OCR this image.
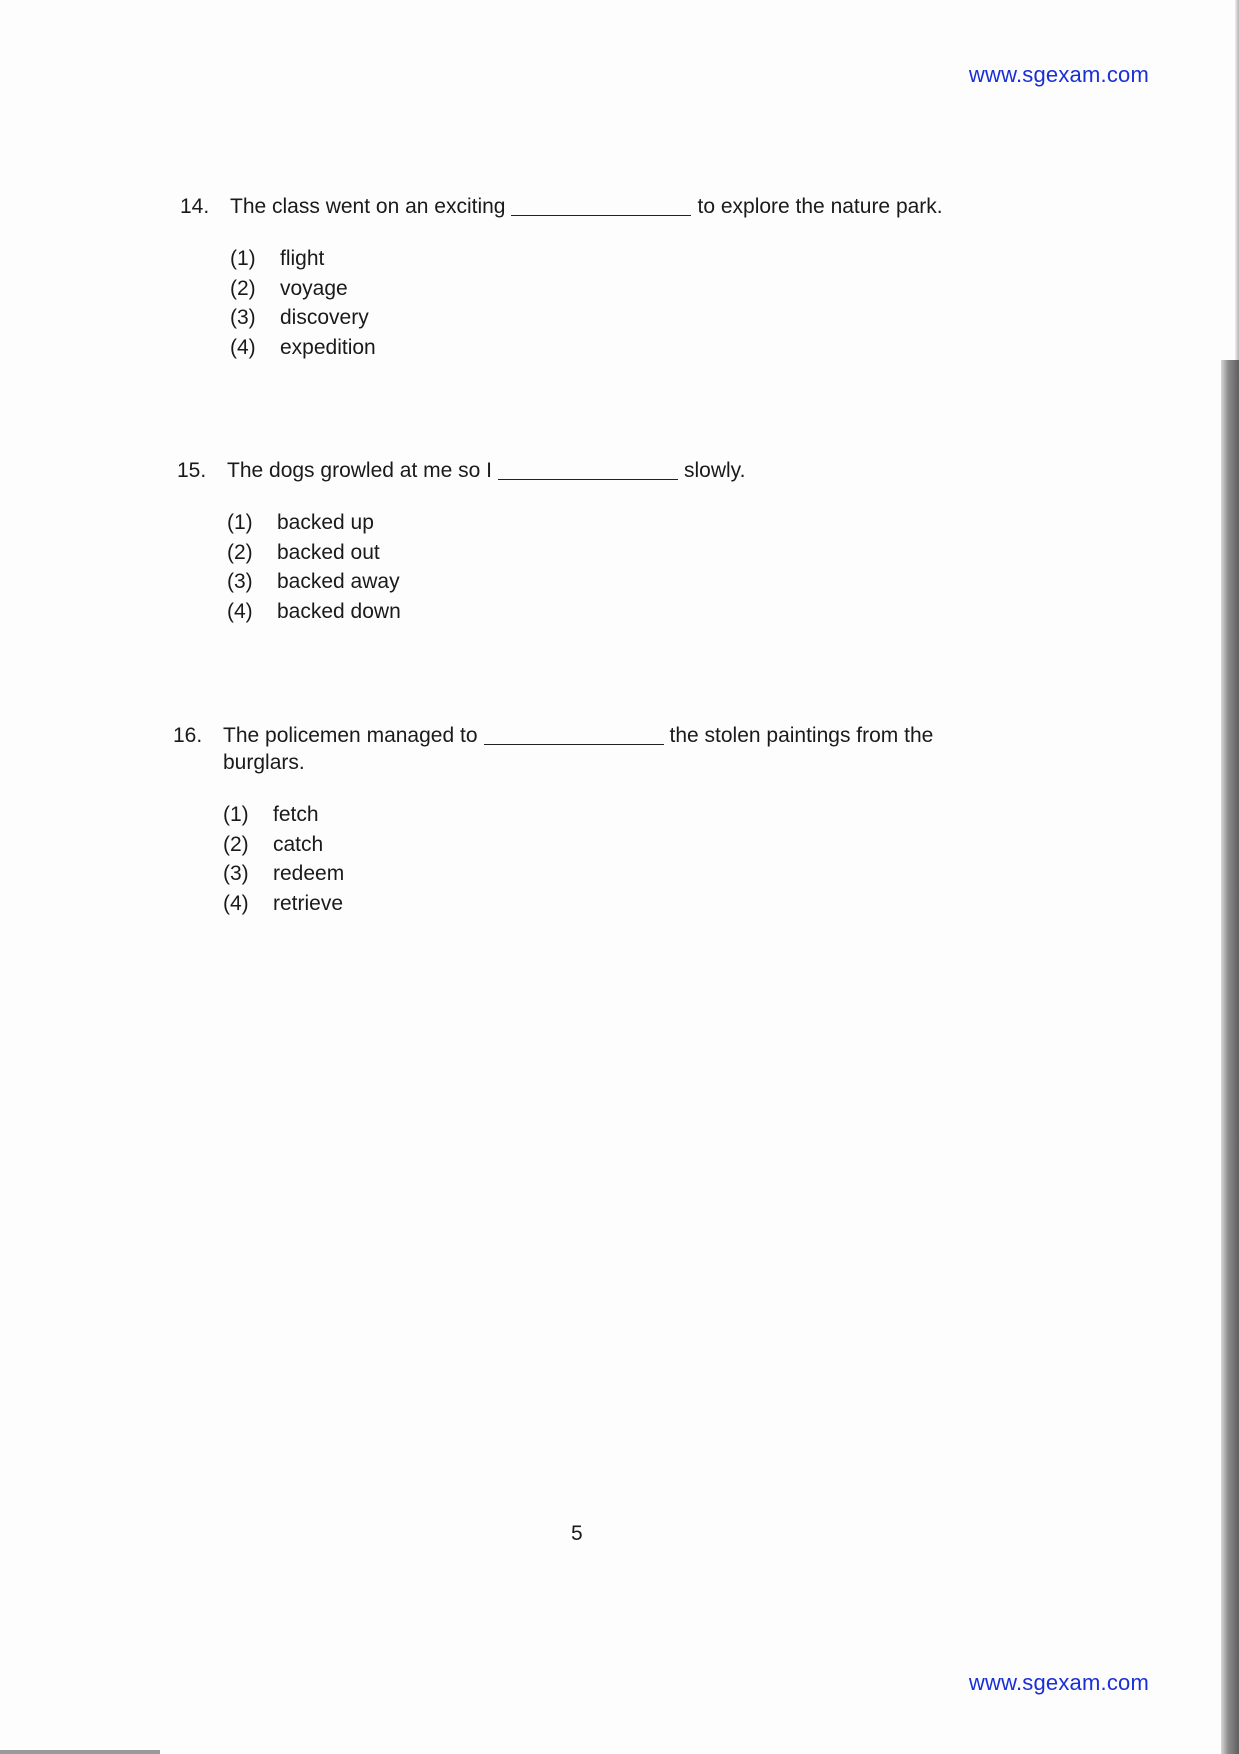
www.sgexam.com
14. The class went on an exciting	to explore the nature park.
(1)	flight
(2)	voyage
(3)	discovery
(4)	expedition
15. The dogs growled at me so I	slowly.
(1)	backed up
(2)	backed out
(3)	backed away
(4)	backed down
16. The policemen managed to	the stolen paintings from the
burglars.
(1)	fetch
(2)	catch
(3)	redeem
(4)	retrieve
5
www.sgexam.com
